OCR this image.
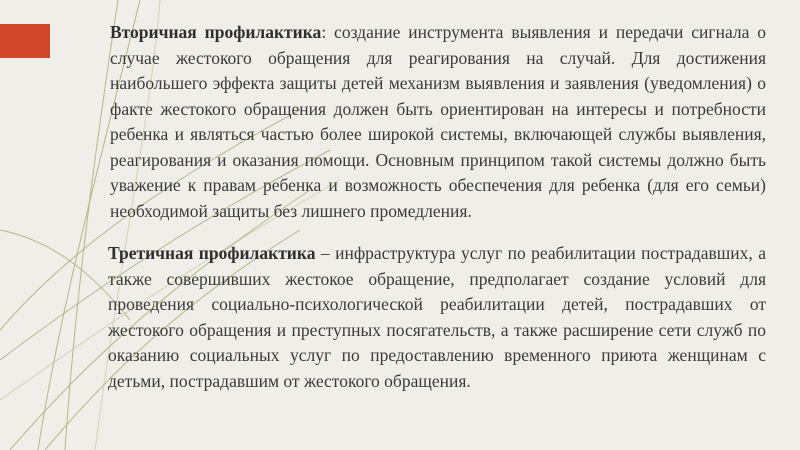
Вторичная профилактика: создание инструмента выявления и передачи сигнала о случае жестокого обращения для реагирования на случай. Для достижения наибольшего эффекта защиты детей механизм выявления и заявления (уведомления) о факте жестокого обращения должен быть ориентирован на интересы и потребности ребенка и являться частью более широкой системы, включающей службы выявления, реагирования и оказания помощи. Основным принципом такой системы должно быть уважение к правам ребенка и возможность обеспечения для ребенка (для его семьи) необходимой защиты без лишнего промедления.

Третичная профилактика – инфраструктура услуг по реабилитации пострадавших, а также совершивших жестокое обращение, предполагает создание условий для проведения социально-психологической реабилитации детей, пострадавших от жестокого обращения и преступных посягательств, а также расширение сети служб по оказанию социальных услуг по предоставлению временного приюта женщинам с детьми, пострадавшим от жестокого обращения.
